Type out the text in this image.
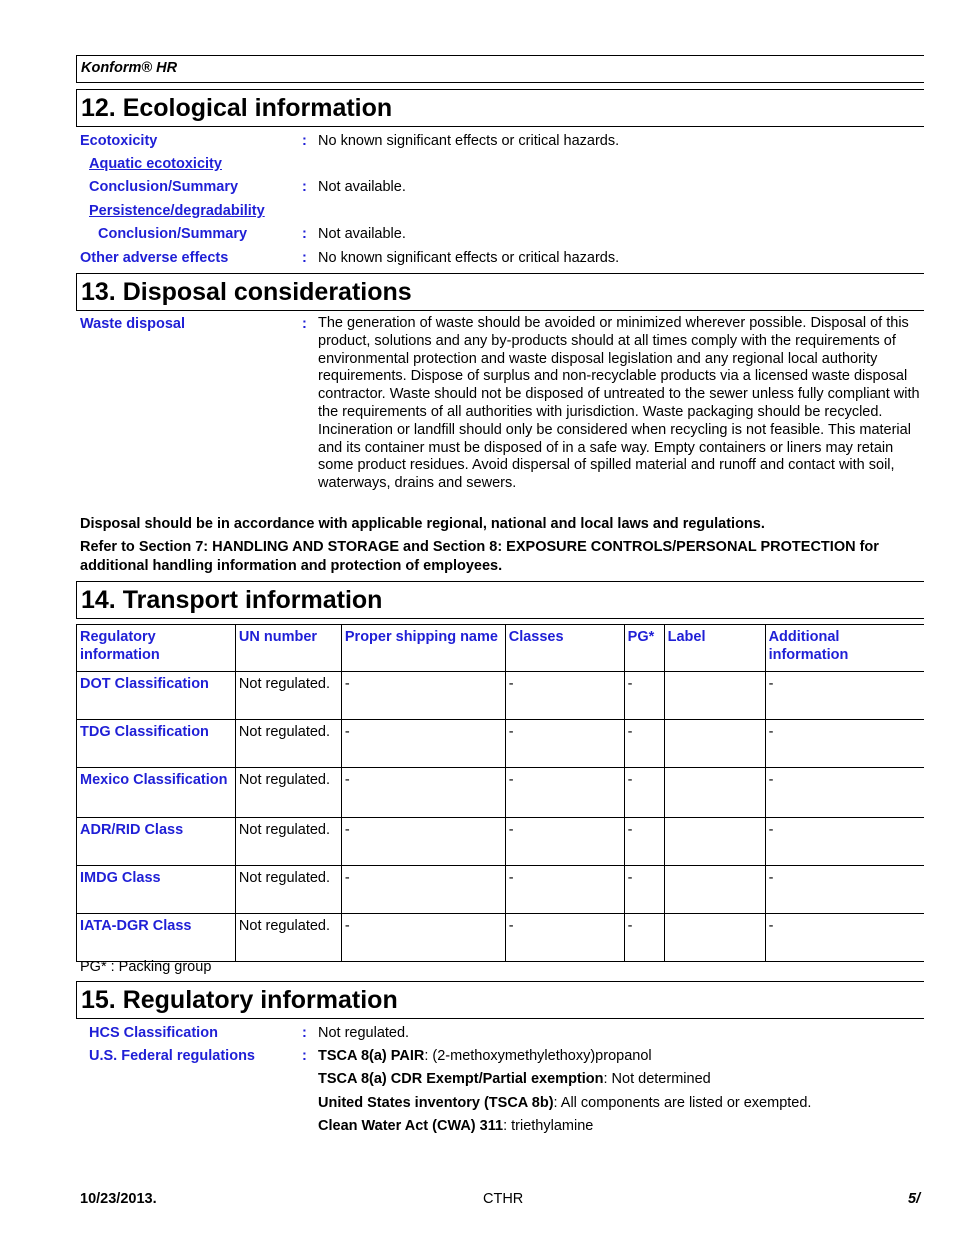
Konform® HR
12. Ecological information
Ecotoxicity	: No known significant effects or critical hazards.
Aquatic ecotoxicity
Conclusion/Summary	: Not available.
Persistence/degradability
Conclusion/Summary	: Not available.
Other adverse effects	: No known significant effects or critical hazards.
13. Disposal considerations
Waste disposal	: The generation of waste should be avoided or minimized wherever possible. Disposal of this product, solutions and any by-products should at all times comply with the requirements of environmental protection and waste disposal legislation and any regional local authority requirements. Dispose of surplus and non-recyclable products via a licensed waste disposal contractor. Waste should not be disposed of untreated to the sewer unless fully compliant with the requirements of all authorities with jurisdiction. Waste packaging should be recycled. Incineration or landfill should only be considered when recycling is not feasible. This material and its container must be disposed of in a safe way. Empty containers or liners may retain some product residues. Avoid dispersal of spilled material and runoff and contact with soil, waterways, drains and sewers.
Disposal should be in accordance with applicable regional, national and local laws and regulations.
Refer to Section 7: HANDLING AND STORAGE and Section 8: EXPOSURE CONTROLS/PERSONAL PROTECTION for additional handling information and protection of employees.
14. Transport information
Regulatory information	UN number	Proper shipping name	Classes	PG*	Label	Additional information
DOT Classification	Not regulated.	-	-	-		-
TDG Classification	Not regulated.	-	-	-		-
Mexico Classification	Not regulated.	-	-	-		-
ADR/RID Class	Not regulated.	-	-	-		-
IMDG Class	Not regulated.	-	-	-		-
IATA-DGR Class	Not regulated.	-	-	-		-
PG* : Packing group
15. Regulatory information
HCS Classification	: Not regulated.
U.S. Federal regulations	: TSCA 8(a) PAIR: (2-methoxymethylethoxy)propanol
TSCA 8(a) CDR Exempt/Partial exemption: Not determined
United States inventory (TSCA 8b): All components are listed or exempted.
Clean Water Act (CWA) 311: triethylamine
10/23/2013.	CTHR	5/
